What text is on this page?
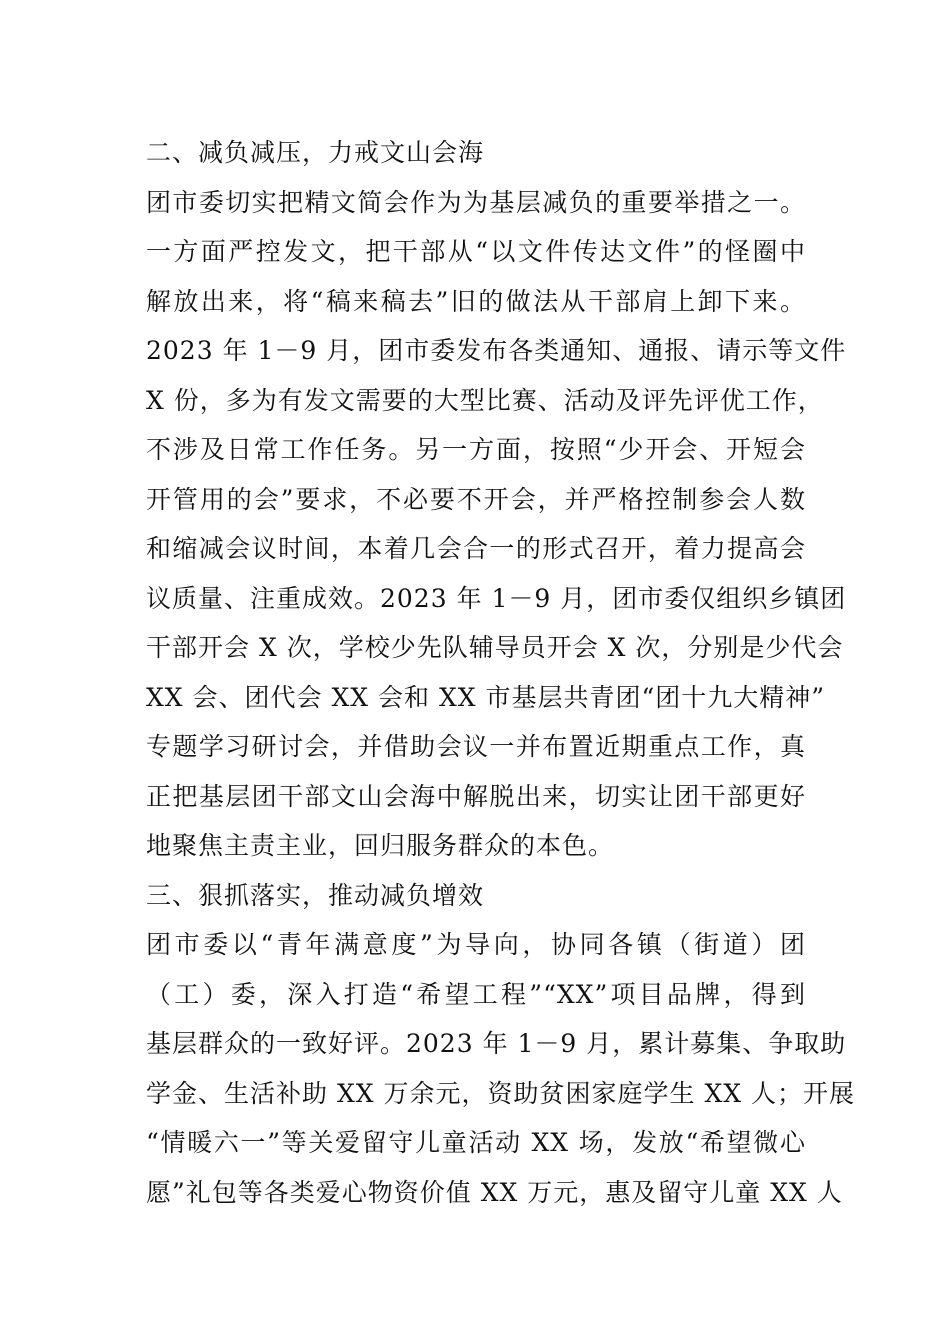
二、减负减压，力戒文山会海
团市委切实把精文简会作为为基层减负的重要举措之一。
一方面严控发文，把干部从“以文件传达文件”的怪圈中
解放出来，将“稿来稿去”旧的做法从干部肩上卸下来。
2023 年 1－9 月，团市委发布各类通知、通报、请示等文件
X 份，多为有发文需要的大型比赛、活动及评先评优工作，
不涉及日常工作任务。另一方面，按照“少开会、开短会
开管用的会”要求，不必要不开会，并严格控制参会人数
和缩减会议时间，本着几会合一的形式召开，着力提高会
议质量、注重成效。2023 年 1－9 月，团市委仅组织乡镇团
干部开会 X 次，学校少先队辅导员开会 X 次，分别是少代会
XX 会、团代会 XX 会和 XX 市基层共青团“团十九大精神”
专题学习研讨会，并借助会议一并布置近期重点工作，真
正把基层团干部文山会海中解脱出来，切实让团干部更好
地聚焦主责主业，回归服务群众的本色。
三、狠抓落实，推动减负增效
团市委以“青年满意度”为导向，协同各镇（街道）团
（工）委，深入打造“希望工程”“XX”项目品牌，得到
基层群众的一致好评。2023 年 1－9 月，累计募集、争取助
学金、生活补助 XX 万余元，资助贫困家庭学生 XX 人；开展
“情暖六一”等关爱留守儿童活动 XX 场，发放“希望微心
愿”礼包等各类爱心物资价值 XX 万元，惠及留守儿童 XX 人
